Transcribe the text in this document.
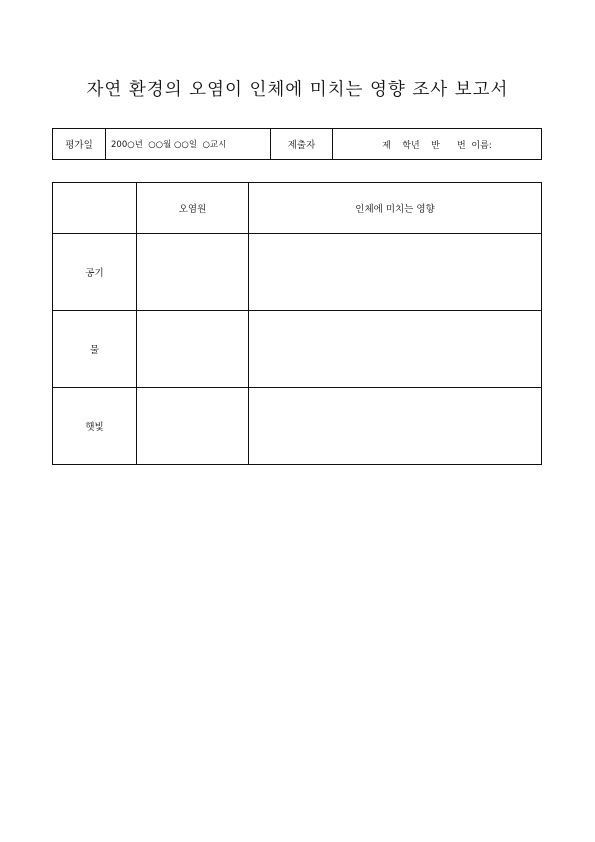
자연 환경의 오염이 인체에 미치는 영향 조사 보고서
평가일	200○년  ○○월 ○○일  ○교시	제출자	제    학년    반      번  이름:
	오염원	인체에 미치는 영향
공기		
물		
햇빛		
